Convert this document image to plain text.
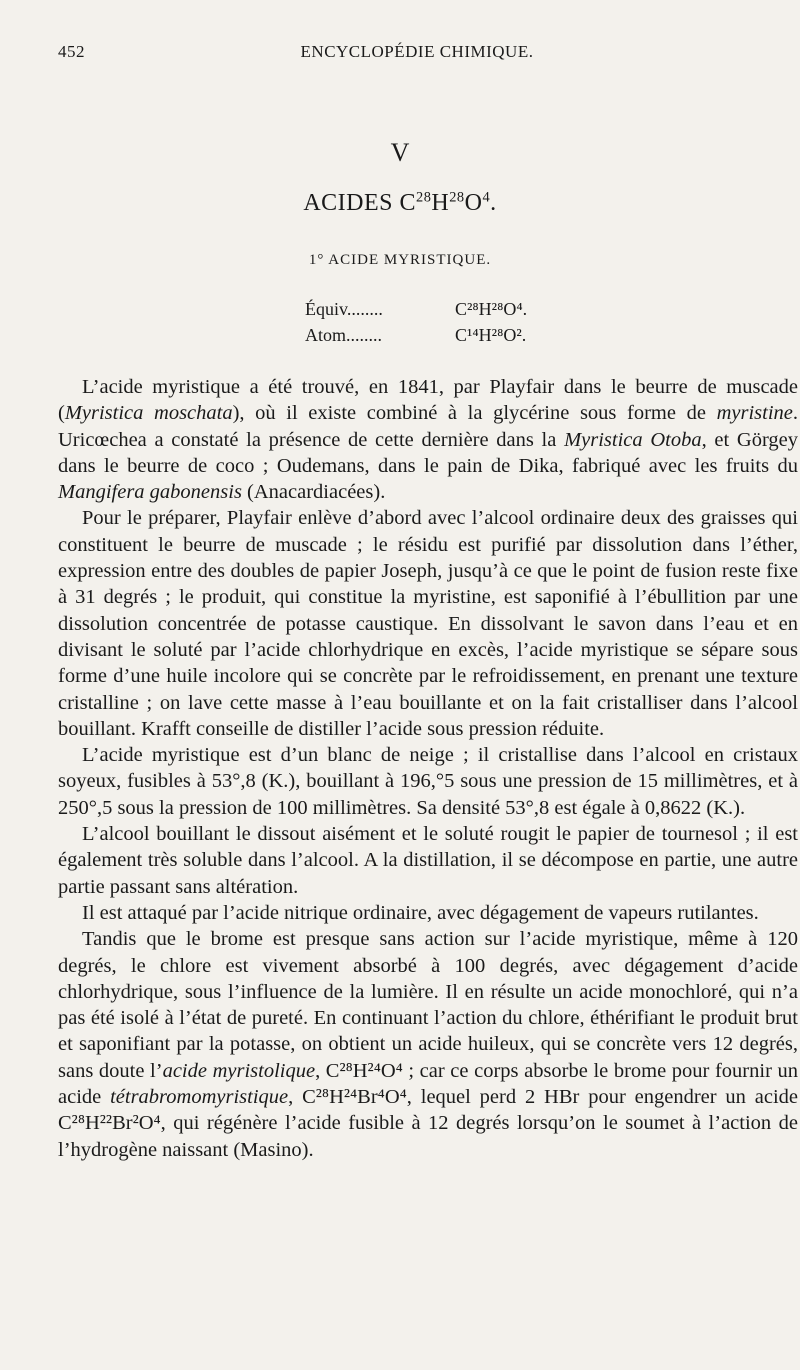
452	ENCYCLOPÉDIE CHIMIQUE.
V
ACIDES $C^{28}H^{28}O^4$.
1° ACIDE MYRISTIQUE.
Équiv........	C²⁸H²⁸O⁴.
Atom........	C¹⁴H²⁸O².

L’acide myristique a été trouvé, en 1841, par Playfair dans le beurre de muscade (Myristica moschata), où il existe combiné à la glycérine sous forme de myristine. Uricœchea a constaté la présence de cette dernière dans la Myristica Otoba, et Görgey dans le beurre de coco ; Oudemans, dans le pain de Dika, fabriqué avec les fruits du Mangifera gabonensis (Anacardiacées).

Pour le préparer, Playfair enlève d’abord avec l’alcool ordinaire deux des graisses qui constituent le beurre de muscade ; le résidu est purifié par dissolution dans l’éther, expression entre des doubles de papier Joseph, jusqu’à ce que le point de fusion reste fixe à 31 degrés ; le produit, qui constitue la myristine, est saponifié à l’ébullition par une dissolution concentrée de potasse caustique. En dissolvant le savon dans l’eau et en divisant le soluté par l’acide chlorhydrique en excès, l’acide myristique se sépare sous forme d’une huile incolore qui se concrète par le refroidissement, en prenant une texture cristalline ; on lave cette masse à l’eau bouillante et on la fait cristalliser dans l’alcool bouillant. Krafft conseille de distiller l’acide sous pression réduite.

L’acide myristique est d’un blanc de neige ; il cristallise dans l’alcool en cristaux soyeux, fusibles à 53°,8 (K.), bouillant à 196,°5 sous une pression de 15 millimètres, et à 250°,5 sous la pression de 100 millimètres. Sa densité 53°,8 est égale à 0,8622 (K.).

L’alcool bouillant le dissout aisément et le soluté rougit le papier de tournesol ; il est également très soluble dans l’alcool. A la distillation, il se décompose en partie, une autre partie passant sans altération.

Il est attaqué par l’acide nitrique ordinaire, avec dégagement de vapeurs rutilantes.

Tandis que le brome est presque sans action sur l’acide myristique, même à 120 degrés, le chlore est vivement absorbé à 100 degrés, avec dégagement d’acide chlorhydrique, sous l’influence de la lumière. Il en résulte un acide monochloré, qui n’a pas été isolé à l’état de pureté. En continuant l’action du chlore, éthérifiant le produit brut et saponifiant par la potasse, on obtient un acide huileux, qui se concrète vers 12 degrés, sans doute l’acide myristolique, C²⁸H²⁴O⁴ ; car ce corps absorbe le brome pour fournir un acide tétrabromomyristique, C²⁸H²⁴Br⁴O⁴, lequel perd 2 HBr pour engendrer un acide C²⁸H²²Br²O⁴, qui régénère l’acide fusible à 12 degrés lorsqu’on le soumet à l’action de l’hydrogène naissant (Masino).
